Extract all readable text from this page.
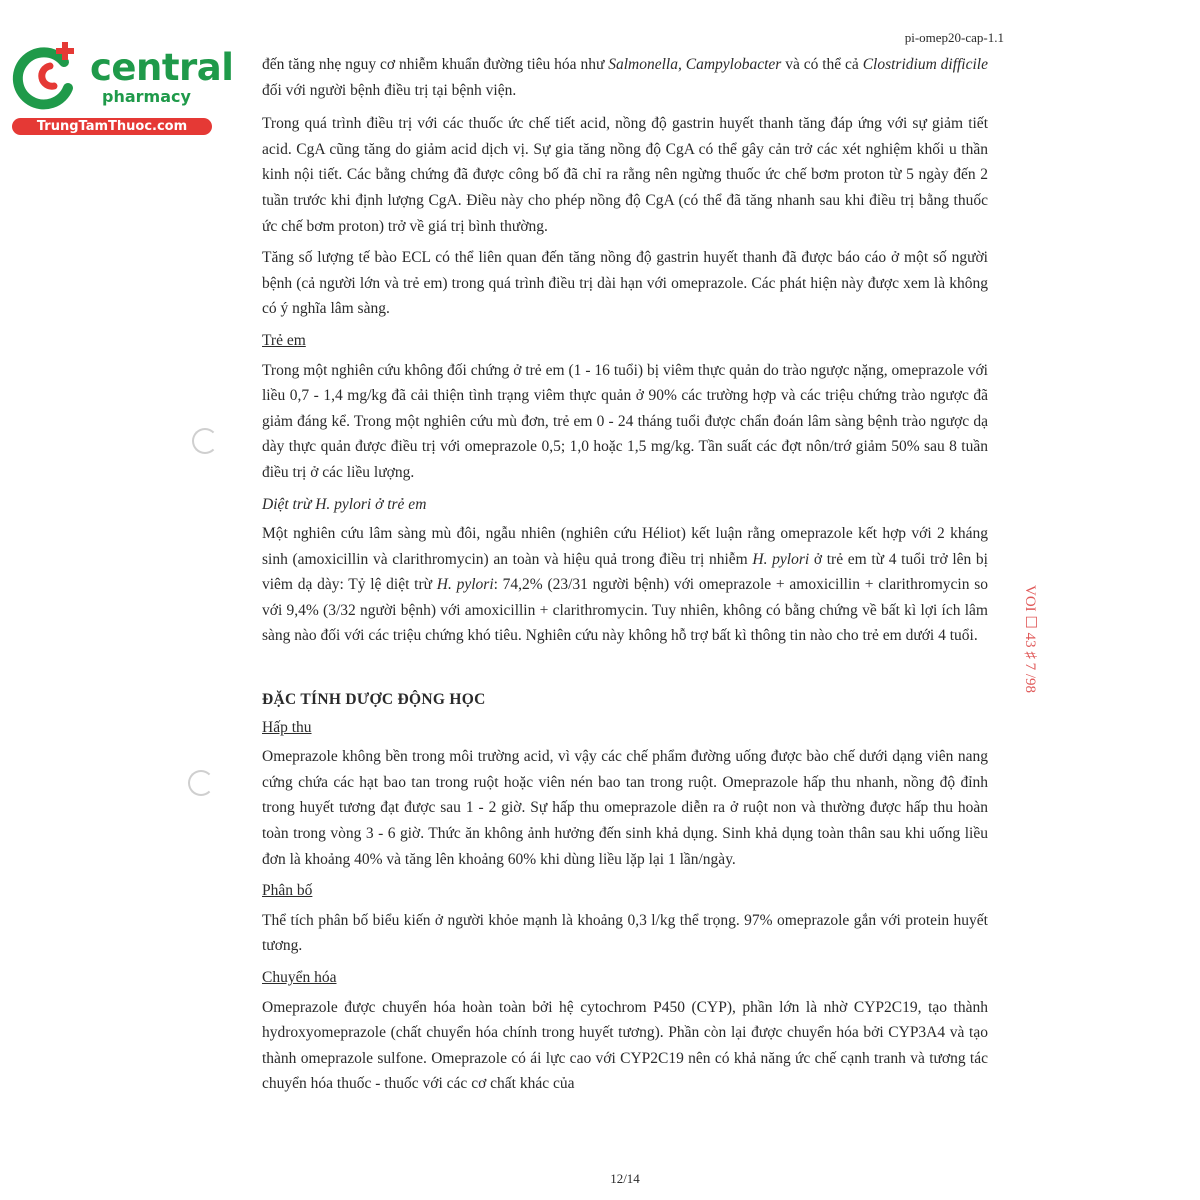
central
pharmacy
TrungTamThuoc.com
pi-omep20-cap-1.1
VOI ☐ 43 ♯ 7 /98

đến tăng nhẹ nguy cơ nhiễm khuẩn đường tiêu hóa như Salmonella, Campylobacter và có thể cả Clostridium difficile đối với người bệnh điều trị tại bệnh viện.

Trong quá trình điều trị với các thuốc ức chế tiết acid, nồng độ gastrin huyết thanh tăng đáp ứng với sự giảm tiết acid. CgA cũng tăng do giảm acid dịch vị. Sự gia tăng nồng độ CgA có thể gây cản trở các xét nghiệm khối u thần kinh nội tiết. Các bằng chứng đã được công bố đã chỉ ra rằng nên ngừng thuốc ức chế bơm proton từ 5 ngày đến 2 tuần trước khi định lượng CgA. Điều này cho phép nồng độ CgA (có thể đã tăng nhanh sau khi điều trị bằng thuốc ức chế bơm proton) trở về giá trị bình thường.

Tăng số lượng tế bào ECL có thể liên quan đến tăng nồng độ gastrin huyết thanh đã được báo cáo ở một số người bệnh (cả người lớn và trẻ em) trong quá trình điều trị dài hạn với omeprazole. Các phát hiện này được xem là không có ý nghĩa lâm sàng.

Trẻ em

Trong một nghiên cứu không đối chứng ở trẻ em (1 - 16 tuổi) bị viêm thực quản do trào ngược nặng, omeprazole với liều 0,7 - 1,4 mg/kg đã cải thiện tình trạng viêm thực quản ở 90% các trường hợp và các triệu chứng trào ngược đã giảm đáng kể. Trong một nghiên cứu mù đơn, trẻ em 0 - 24 tháng tuổi được chẩn đoán lâm sàng bệnh trào ngược dạ dày thực quản được điều trị với omeprazole 0,5; 1,0 hoặc 1,5 mg/kg. Tần suất các đợt nôn/trớ giảm 50% sau 8 tuần điều trị ở các liều lượng.

Diệt trừ H. pylori ở trẻ em

Một nghiên cứu lâm sàng mù đôi, ngẫu nhiên (nghiên cứu Héliot) kết luận rằng omeprazole kết hợp với 2 kháng sinh (amoxicillin và clarithromycin) an toàn và hiệu quả trong điều trị nhiễm H. pylori ở trẻ em từ 4 tuổi trở lên bị viêm dạ dày: Tỷ lệ diệt trừ H. pylori: 74,2% (23/31 người bệnh) với omeprazole + amoxicillin + clarithromycin so với 9,4% (3/32 người bệnh) với amoxicillin + clarithromycin. Tuy nhiên, không có bằng chứng về bất kì lợi ích lâm sàng nào đối với các triệu chứng khó tiêu. Nghiên cứu này không hỗ trợ bất kì thông tin nào cho trẻ em dưới 4 tuổi.

ĐẶC TÍNH DƯỢC ĐỘNG HỌC
Hấp thu

Omeprazole không bền trong môi trường acid, vì vậy các chế phẩm đường uống được bào chế dưới dạng viên nang cứng chứa các hạt bao tan trong ruột hoặc viên nén bao tan trong ruột. Omeprazole hấp thu nhanh, nồng độ đỉnh trong huyết tương đạt được sau 1 - 2 giờ. Sự hấp thu omeprazole diễn ra ở ruột non và thường được hấp thu hoàn toàn trong vòng 3 - 6 giờ. Thức ăn không ảnh hưởng đến sinh khả dụng. Sinh khả dụng toàn thân sau khi uống liều đơn là khoảng 40% và tăng lên khoảng 60% khi dùng liều lặp lại 1 lần/ngày.

Phân bố

Thể tích phân bố biểu kiến ở người khỏe mạnh là khoảng 0,3 l/kg thể trọng. 97% omeprazole gắn với protein huyết tương.

Chuyển hóa

Omeprazole được chuyển hóa hoàn toàn bởi hệ cytochrom P450 (CYP), phần lớn là nhờ CYP2C19, tạo thành hydroxyomeprazole (chất chuyển hóa chính trong huyết tương). Phần còn lại được chuyển hóa bởi CYP3A4 và tạo thành omeprazole sulfone. Omeprazole có ái lực cao với CYP2C19 nên có khả năng ức chế cạnh tranh và tương tác chuyển hóa thuốc - thuốc với các cơ chất khác của

12/14
